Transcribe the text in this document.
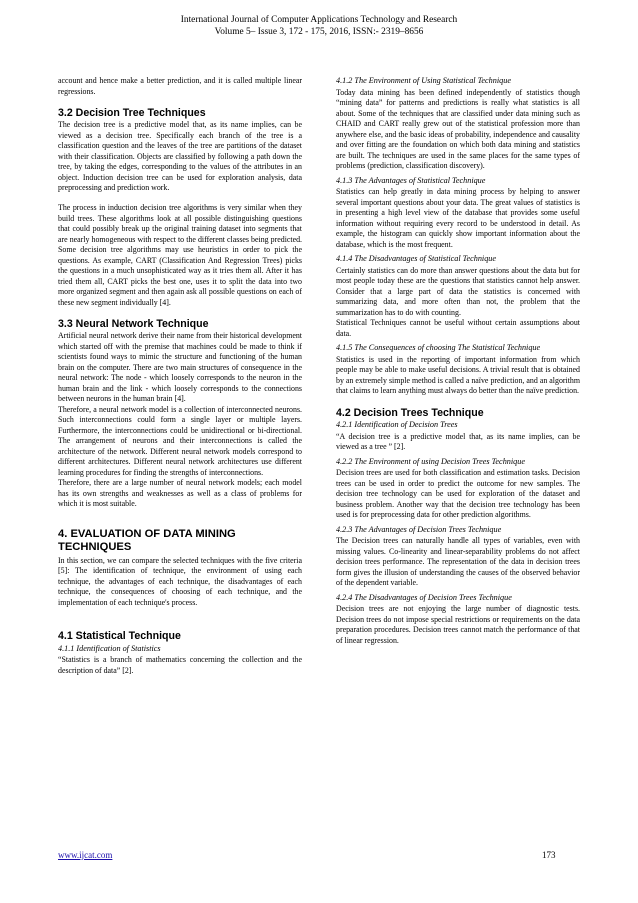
International Journal of Computer Applications Technology and Research
Volume 5– Issue 3, 172 - 175, 2016, ISSN:- 2319–8656

account and hence make a better prediction, and it is called multiple linear regressions.

3.2 Decision Tree Techniques

The decision tree is a predictive model that, as its name implies, can be viewed as a decision tree. Specifically each branch of the tree is a classification question and the leaves of the tree are partitions of the dataset with their classification. Objects are classified by following a path down the tree, by taking the edges, corresponding to the values of the attributes in an object. Induction decision tree can be used for exploration analysis, data preprocessing and prediction work.

The process in induction decision tree algorithms is very similar when they build trees. These algorithms look at all possible distinguishing questions that could possibly break up the original training dataset into segments that are nearly homogeneous with respect to the different classes being predicted. Some decision tree algorithms may use heuristics in order to pick the questions. As example, CART (Classification And Regression Trees) picks the questions in a much unsophisticated way as it tries them all. After it has tried them all, CART picks the best one, uses it to split the data into two more organized segment and then again ask all possible questions on each of these new segment individually [4].

3.3 Neural Network Technique

Artificial neural network derive their name from their historical development which started off with the premise that machines could be made to think if scientists found ways to mimic the structure and functioning of the human brain on the computer. There are two main structures of consequence in the neural network: The node - which loosely corresponds to the neuron in the human brain and the link - which loosely corresponds to the connections between neurons in the human brain [4].

Therefore, a neural network model is a collection of interconnected neurons. Such interconnections could form a single layer or multiple layers. Furthermore, the interconnections could be unidirectional or bi-directional. The arrangement of neurons and their interconnections is called the architecture of the network. Different neural network models correspond to different architectures. Different neural network architectures use different learning procedures for finding the strengths of interconnections.

Therefore, there are a large number of neural network models; each model has its own strengths and weaknesses as well as a class of problems for which it is most suitable.

4. EVALUATION OF DATA MINING TECHNIQUES

In this section, we can compare the selected techniques with the five criteria [5]: The identification of technique, the environment of using each technique, the advantages of each technique, the disadvantages of each technique, the consequences of choosing of each technique, and the implementation of each technique's process.

4.1 Statistical Technique
4.1.1 Identification of Statistics

“Statistics is a branch of mathematics concerning the collection and the description of data” [2].

4.1.2 The Environment of Using Statistical Technique

Today data mining has been defined independently of statistics though “mining data” for patterns and predictions is really what statistics is all about. Some of the techniques that are classified under data mining such as CHAID and CART really grew out of the statistical profession more than anywhere else, and the basic ideas of probability, independence and causality and over fitting are the foundation on which both data mining and statistics are built. The techniques are used in the same places for the same types of problems (prediction, classification discovery).

4.1.3 The Advantages of Statistical Technique

Statistics can help greatly in data mining process by helping to answer several important questions about your data. The great values of statistics is in presenting a high level view of the database that provides some useful information without requiring every record to be understood in detail. As example, the histogram can quickly show important information about the database, which is the most frequent.

4.1.4 The Disadvantages of Statistical Technique

Certainly statistics can do more than answer questions about the data but for most people today these are the questions that statistics cannot help answer. Consider that a large part of data the statistics is concerned with summarizing data, and more often than not, the problem that the summarization has to do with counting.

Statistical Techniques cannot be useful without certain assumptions about data.

4.1.5 The Consequences of choosing The Statistical Technique

Statistics is used in the reporting of important information from which people may be able to make useful decisions. A trivial result that is obtained by an extremely simple method is called a naïve prediction, and an algorithm that claims to learn anything must always do better than the naïve prediction.

4.2 Decision Trees Technique
4.2.1 Identification of Decision Trees

“A decision tree is a predictive model that, as its name implies, can be viewed as a tree ” [2].

4.2.2 The Environment of using Decision Trees Technique

Decision trees are used for both classification and estimation tasks. Decision trees can be used in order to predict the outcome for new samples. The decision tree technology can be used for exploration of the dataset and business problem. Another way that the decision tree technology has been used is for preprocessing data for other prediction algorithms.

4.2.3 The Advantages of Decision Trees Technique

The Decision trees can naturally handle all types of variables, even with missing values. Co-linearity and linear-separability problems do not affect decision trees performance. The representation of the data in decision trees form gives the illusion of understanding the causes of the observed behavior of the dependent variable.

4.2.4 The Disadvantages of Decision Trees Technique

Decision trees are not enjoying the large number of diagnostic tests. Decision trees do not impose special restrictions or requirements on the data preparation procedures. Decision trees cannot match the performance of that of linear regression.

www.ijcat.com	173
